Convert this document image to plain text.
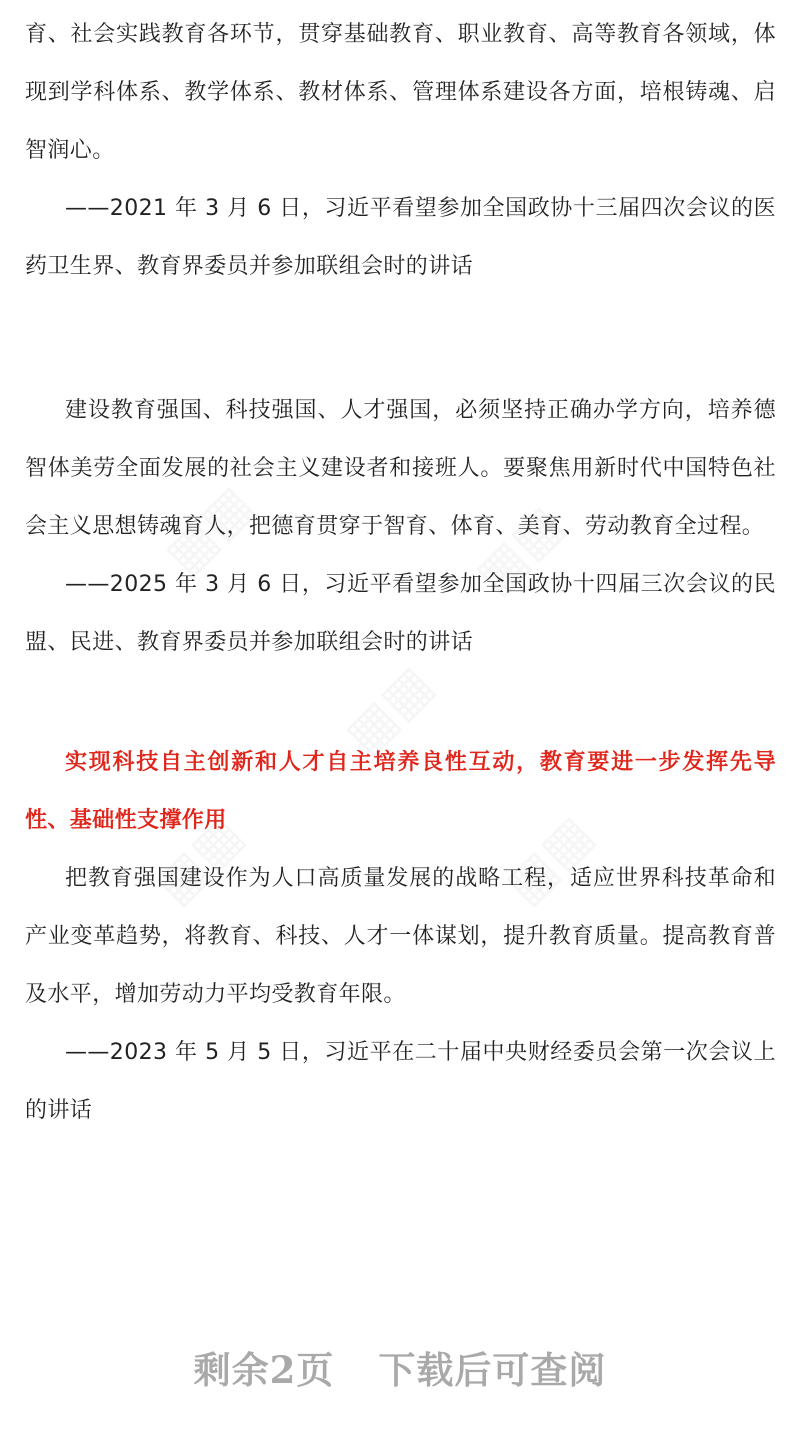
育、社会实践教育各环节，贯穿基础教育、职业教育、高等教育各领域，体现到学科体系、教学体系、教材体系、管理体系建设各方面，培根铸魂、启智润心。

——2021 年 3 月 6 日，习近平看望参加全国政协十三届四次会议的医药卫生界、教育界委员并参加联组会时的讲话

建设教育强国、科技强国、人才强国，必须坚持正确办学方向，培养德智体美劳全面发展的社会主义建设者和接班人。要聚焦用新时代中国特色社会主义思想铸魂育人，把德育贯穿于智育、体育、美育、劳动教育全过程。

——2025 年 3 月 6 日，习近平看望参加全国政协十四届三次会议的民盟、民进、教育界委员并参加联组会时的讲话

实现科技自主创新和人才自主培养良性互动，教育要进一步发挥先导性、基础性支撑作用

把教育强国建设作为人口高质量发展的战略工程，适应世界科技革命和产业变革趋势，将教育、科技、人才一体谋划，提升教育质量。提高教育普及水平，增加劳动力平均受教育年限。

——2023 年 5 月 5 日，习近平在二十届中央财经委员会第一次会议上的讲话

剩余2页 下载后可查阅
